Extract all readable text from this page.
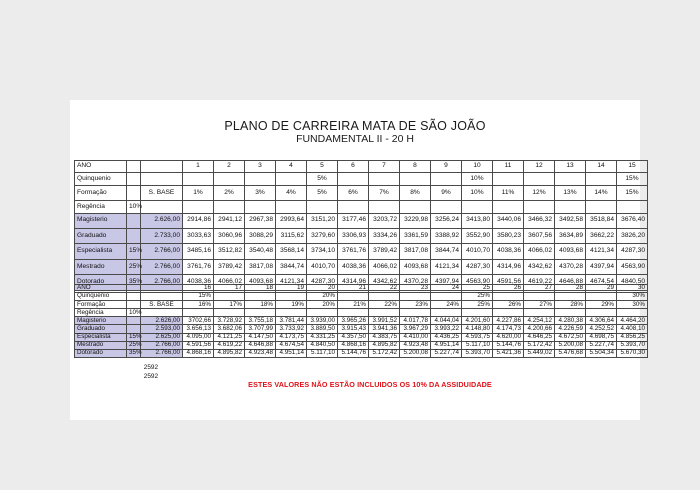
PLANO DE CARREIRA MATA DE SÃO JOÃO
FUNDAMENTAL II - 20 H
ANO			1	2	3	4	5	6	7	8	9	10	11	12	13	14	15
Quinquenio							5%					10%					15%
Formação		S. BASE	1%	2%	3%	4%	5%	6%	7%	8%	9%	10%	11%	12%	13%	14%	15%
Regência	10%																
Magisterio		2.626,00	2914,86	2941,12	2967,38	2993,64	3151,20	3177,46	3203,72	3229,98	3256,24	3413,80	3440,06	3466,32	3492,58	3518,84	3676,40
Graduado		2.733,00	3033,63	3060,96	3088,29	3115,62	3279,60	3306,93	3334,26	3361,59	3388,92	3552,90	3580,23	3607,56	3634,89	3662,22	3826,20
Especialista	15%	2.766,00	3485,16	3512,82	3540,48	3568,14	3734,10	3761,76	3789,42	3817,08	3844,74	4010,70	4038,36	4066,02	4093,68	4121,34	4287,30
Mestrado	25%	2.766,00	3761,76	3789,42	3817,08	3844,74	4010,70	4038,36	4066,02	4093,68	4121,34	4287,30	4314,96	4342,62	4370,28	4397,94	4563,90
Dotorado	35%	2.766,00	4038,36	4066,02	4093,68	4121,34	4287,30	4314,96	4342,62	4370,28	4397,94	4563,90	4591,56	4619,22	4646,88	4674,54	4840,50
ANO			16	17	18	19	20	21	22	23	24	25	26	27	28	29	30
Quinquenio			15%				20%					25%					30%
Formação		S. BASE	16%	17%	18%	19%	20%	21%	22%	23%	24%	25%	26%	27%	28%	29%	30%
Regência	10%																
Magisterio		2.626,00	3702,66	3.728,92	3.755,18	3.781,44	3.939,00	3.965,26	3.991,52	4.017,78	4.044,04	4.201,60	4.227,86	4.254,12	4.280,38	4.306,64	4.464,20
Graduado		2.593,00	3.656,13	3.682,06	3.707,99	3.733,92	3.889,50	3.915,43	3.941,36	3.967,29	3.993,22	4.148,80	4.174,73	4.200,66	4.226,59	4.252,52	4.408,10
Especialista	15%	2.625,00	4.095,00	4.121,25	4.147,50	4.173,75	4.331,25	4.357,50	4.383,75	4.410,00	4.436,25	4.593,75	4.620,00	4.646,25	4.672,50	4.698,75	4.856,25
Mestrado	25%	2.766,00	4.591,56	4.619,22	4.646,88	4.674,54	4.840,50	4.868,16	4.895,82	4.923,48	4.951,14	5.117,10	5.144,76	5.172,42	5.200,08	5.227,74	5.393,70
Dotorado	35%	2.766,00	4.868,16	4.895,82	4.923,48	4.951,14	5.117,10	5.144,76	5.172,42	5.200,08	5.227,74	5.393,70	5.421,36	5.449,02	5.476,68	5.504,34	5.670,30
2592
2592
ESTES VALORES NÃO ESTÃO INCLUIDOS OS 10% DA ASSIDUIDADE
